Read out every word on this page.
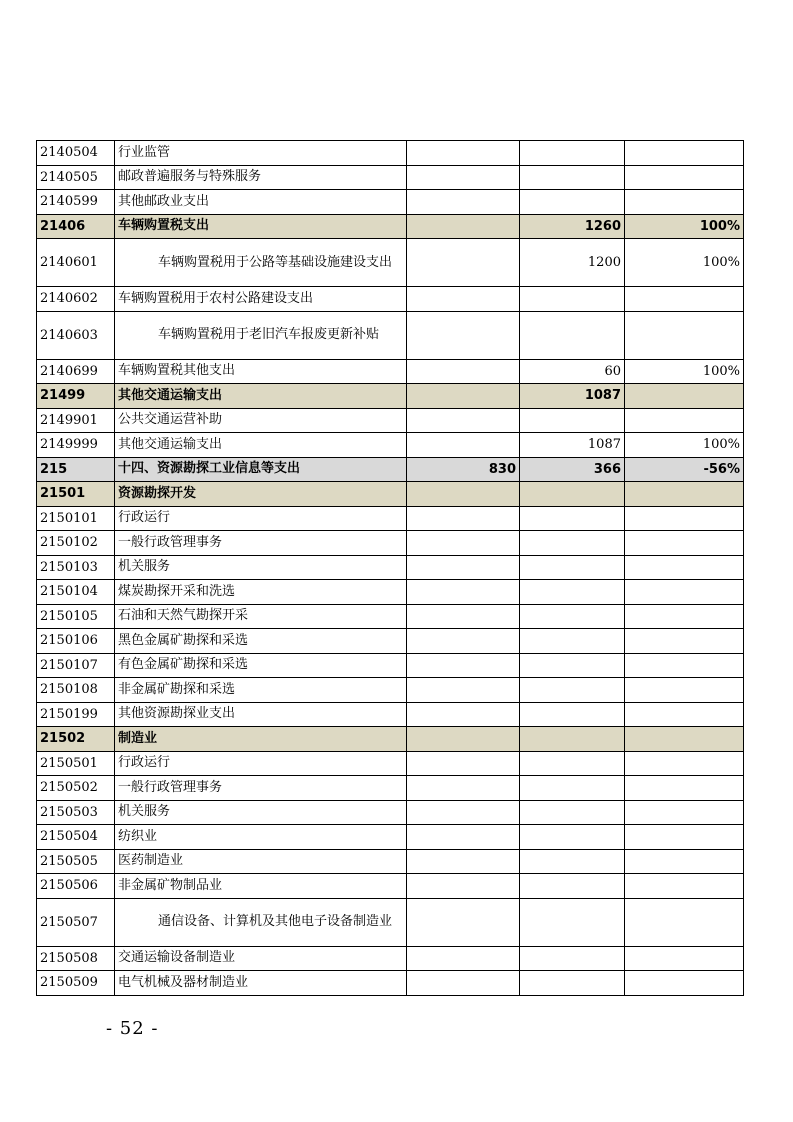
2140504	行业监管			
2140505	邮政普遍服务与特殊服务			
2140599	其他邮政业支出			
21406	车辆购置税支出		1260	100%
2140601	车辆购置税用于公路等基础设施建设支出		1200	100%
2140602	车辆购置税用于农村公路建设支出			
2140603	车辆购置税用于老旧汽车报废更新补贴			
2140699	车辆购置税其他支出		60	100%
21499	其他交通运输支出		1087	
2149901	公共交通运营补助			
2149999	其他交通运输支出		1087	100%
215	十四、资源勘探工业信息等支出	830	366	-56%
21501	资源勘探开发			
2150101	行政运行			
2150102	一般行政管理事务			
2150103	机关服务			
2150104	煤炭勘探开采和洗选			
2150105	石油和天然气勘探开采			
2150106	黑色金属矿勘探和采选			
2150107	有色金属矿勘探和采选			
2150108	非金属矿勘探和采选			
2150199	其他资源勘探业支出			
21502	制造业			
2150501	行政运行			
2150502	一般行政管理事务			
2150503	机关服务			
2150504	纺织业			
2150505	医药制造业			
2150506	非金属矿物制品业			
2150507	通信设备、计算机及其他电子设备制造业			
2150508	交通运输设备制造业			
2150509	电气机械及器材制造业			
- 52 -
